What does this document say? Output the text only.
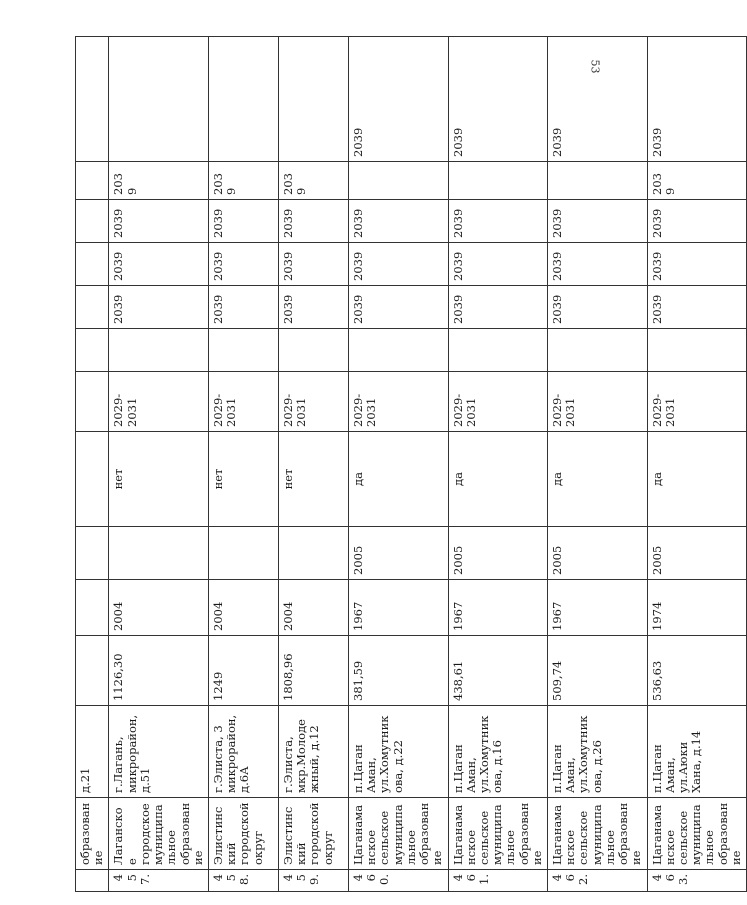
53
	образование	д.21											
457.	Лаганское городское муниципальное образование	г.Лагань, микрорайон, д.51	1126,30	2004		нет	2029-2031		2039	2039	2039	2039	
458.	Элистинский городской округ	г.Элиста, 3 микрорайон, д.6А	1249	2004		нет	2029-2031		2039	2039	2039	2039	
459.	Элистинский городской округ	г.Элиста, мкр.Молодежный, д.12	1808,96	2004		нет	2029-2031		2039	2039	2039	2039	
460.	Цаганаманское сельское муниципальное образование	п.Цаган Аман, ул.Хомутникова, д.22	381,59	1967	2005	да	2029-2031		2039	2039	2039		2039
461.	Цаганаманское сельское муниципальное образование	п.Цаган Аман, ул.Хомутникова, д.16	438,61	1967	2005	да	2029-2031		2039	2039	2039		2039
462.	Цаганаманское сельское муниципальное образование	п.Цаган Аман, ул.Хомутникова, д.26	509,74	1967	2005	да	2029-2031		2039	2039	2039		2039
463.	Цаганаманское сельское муниципальное образование	п.Цаган Аман, ул.Аюки Хана, д.14	536,63	1974	2005	да	2029-2031		2039	2039	2039	2039	2039
